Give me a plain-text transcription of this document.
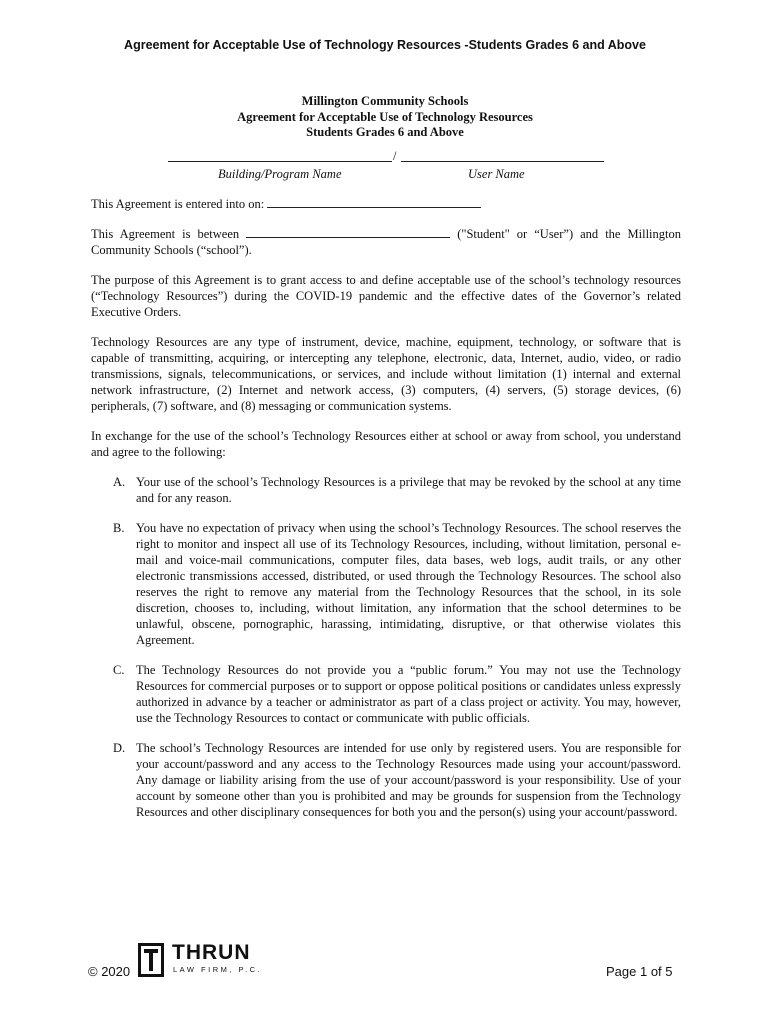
Agreement for Acceptable Use of Technology Resources -Students Grades 6 and Above
Millington Community Schools
Agreement for Acceptable Use of Technology Resources
Students Grades 6 and Above
/
Building/Program Name	User Name

This Agreement is entered into on:

This Agreement is between	("Student" or “User”) and the Millington Community Schools (“school”).

The purpose of this Agreement is to grant access to and define acceptable use of the school’s technology resources (“Technology Resources”) during the COVID-19 pandemic and the effective dates of the Governor’s related Executive Orders.

Technology Resources are any type of instrument, device, machine, equipment, technology, or software that is capable of transmitting, acquiring, or intercepting any telephone, electronic, data, Internet, audio, video, or radio transmissions, signals, telecommunications, or services, and include without limitation (1) internal and external network infrastructure, (2) Internet and network access, (3) computers, (4) servers, (5) storage devices, (6) peripherals, (7) software, and (8) messaging or communication systems.

In exchange for the use of the school’s Technology Resources either at school or away from school, you understand and agree to the following:

A. Your use of the school’s Technology Resources is a privilege that may be revoked by the school at any time and for any reason.
B. You have no expectation of privacy when using the school’s Technology Resources. The school reserves the right to monitor and inspect all use of its Technology Resources, including, without limitation, personal e-mail and voice-mail communications, computer files, data bases, web logs, audit trails, or any other electronic transmissions accessed, distributed, or used through the Technology Resources. The school also reserves the right to remove any material from the Technology Resources that the school, in its sole discretion, chooses to, including, without limitation, any information that the school determines to be unlawful, obscene, pornographic, harassing, intimidating, disruptive, or that otherwise violates this Agreement.
C. The Technology Resources do not provide you a “public forum.” You may not use the Technology Resources for commercial purposes or to support or oppose political positions or candidates unless expressly authorized in advance by a teacher or administrator as part of a class project or activity. You may, however, use the Technology Resources to contact or communicate with public officials.
D. The school’s Technology Resources are intended for use only by registered users. You are responsible for your account/password and any access to the Technology Resources made using your account/password. Any damage or liability arising from the use of your account/password is your responsibility. Use of your account by someone other than you is prohibited and may be grounds for suspension from the Technology Resources and other disciplinary consequences for both you and the person(s) using your account/password.
© 2020
THRUN
LAW FIRM, P.C.	Page 1 of 5
